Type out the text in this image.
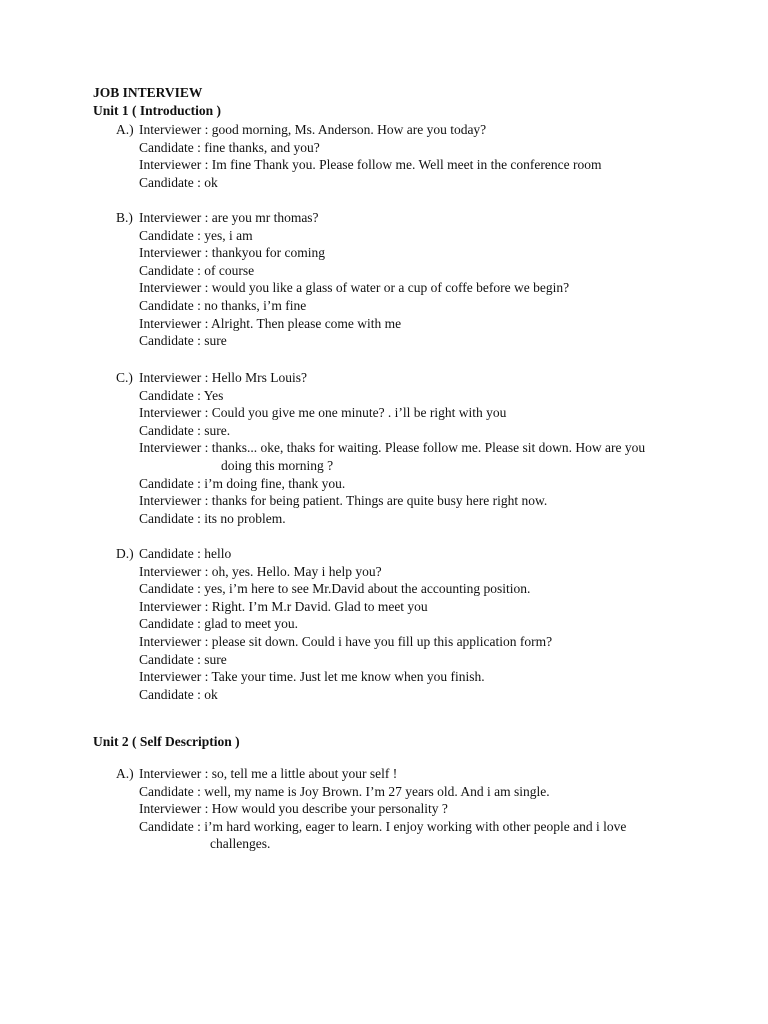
JOB INTERVIEW
Unit 1 ( Introduction )
A.) Interviewer : good morning, Ms. Anderson. How are you today?
Candidate : fine thanks, and you?
Interviewer : Im fine Thank you. Please follow me. Well meet in the conference room
Candidate : ok
B.) Interviewer : are you mr thomas?
Candidate : yes, i am
Interviewer : thankyou for coming
Candidate : of course
Interviewer : would you like a glass of water or a cup of coffe before we begin?
Candidate : no thanks, i’m fine
Interviewer : Alright. Then please come with me
Candidate : sure
C.) Interviewer : Hello Mrs Louis?
Candidate : Yes
Interviewer : Could you give me one minute? . i’ll be right with you
Candidate : sure.
Interviewer : thanks... oke, thaks for waiting. Please follow me. Please sit down. How are you
doing this morning ?
Candidate : i’m doing fine, thank you.
Interviewer : thanks for being patient. Things are quite busy here right now.
Candidate : its no problem.
D.) Candidate : hello
Interviewer : oh, yes. Hello. May i help you?
Candidate : yes, i’m here to see Mr.David about the accounting position.
Interviewer : Right. I’m M.r David. Glad to meet you
Candidate : glad to meet you.
Interviewer : please sit down. Could i have you fill up this application form?
Candidate : sure
Interviewer : Take your time. Just let me know when you finish.
Candidate : ok
Unit 2 ( Self Description )
A.) Interviewer : so, tell me a little about your self !
Candidate : well, my name is Joy Brown. I’m 27 years old. And i am single.
Interviewer : How would you describe your personality ?
Candidate : i’m hard working, eager to learn. I enjoy working with other people and i love
challenges.
